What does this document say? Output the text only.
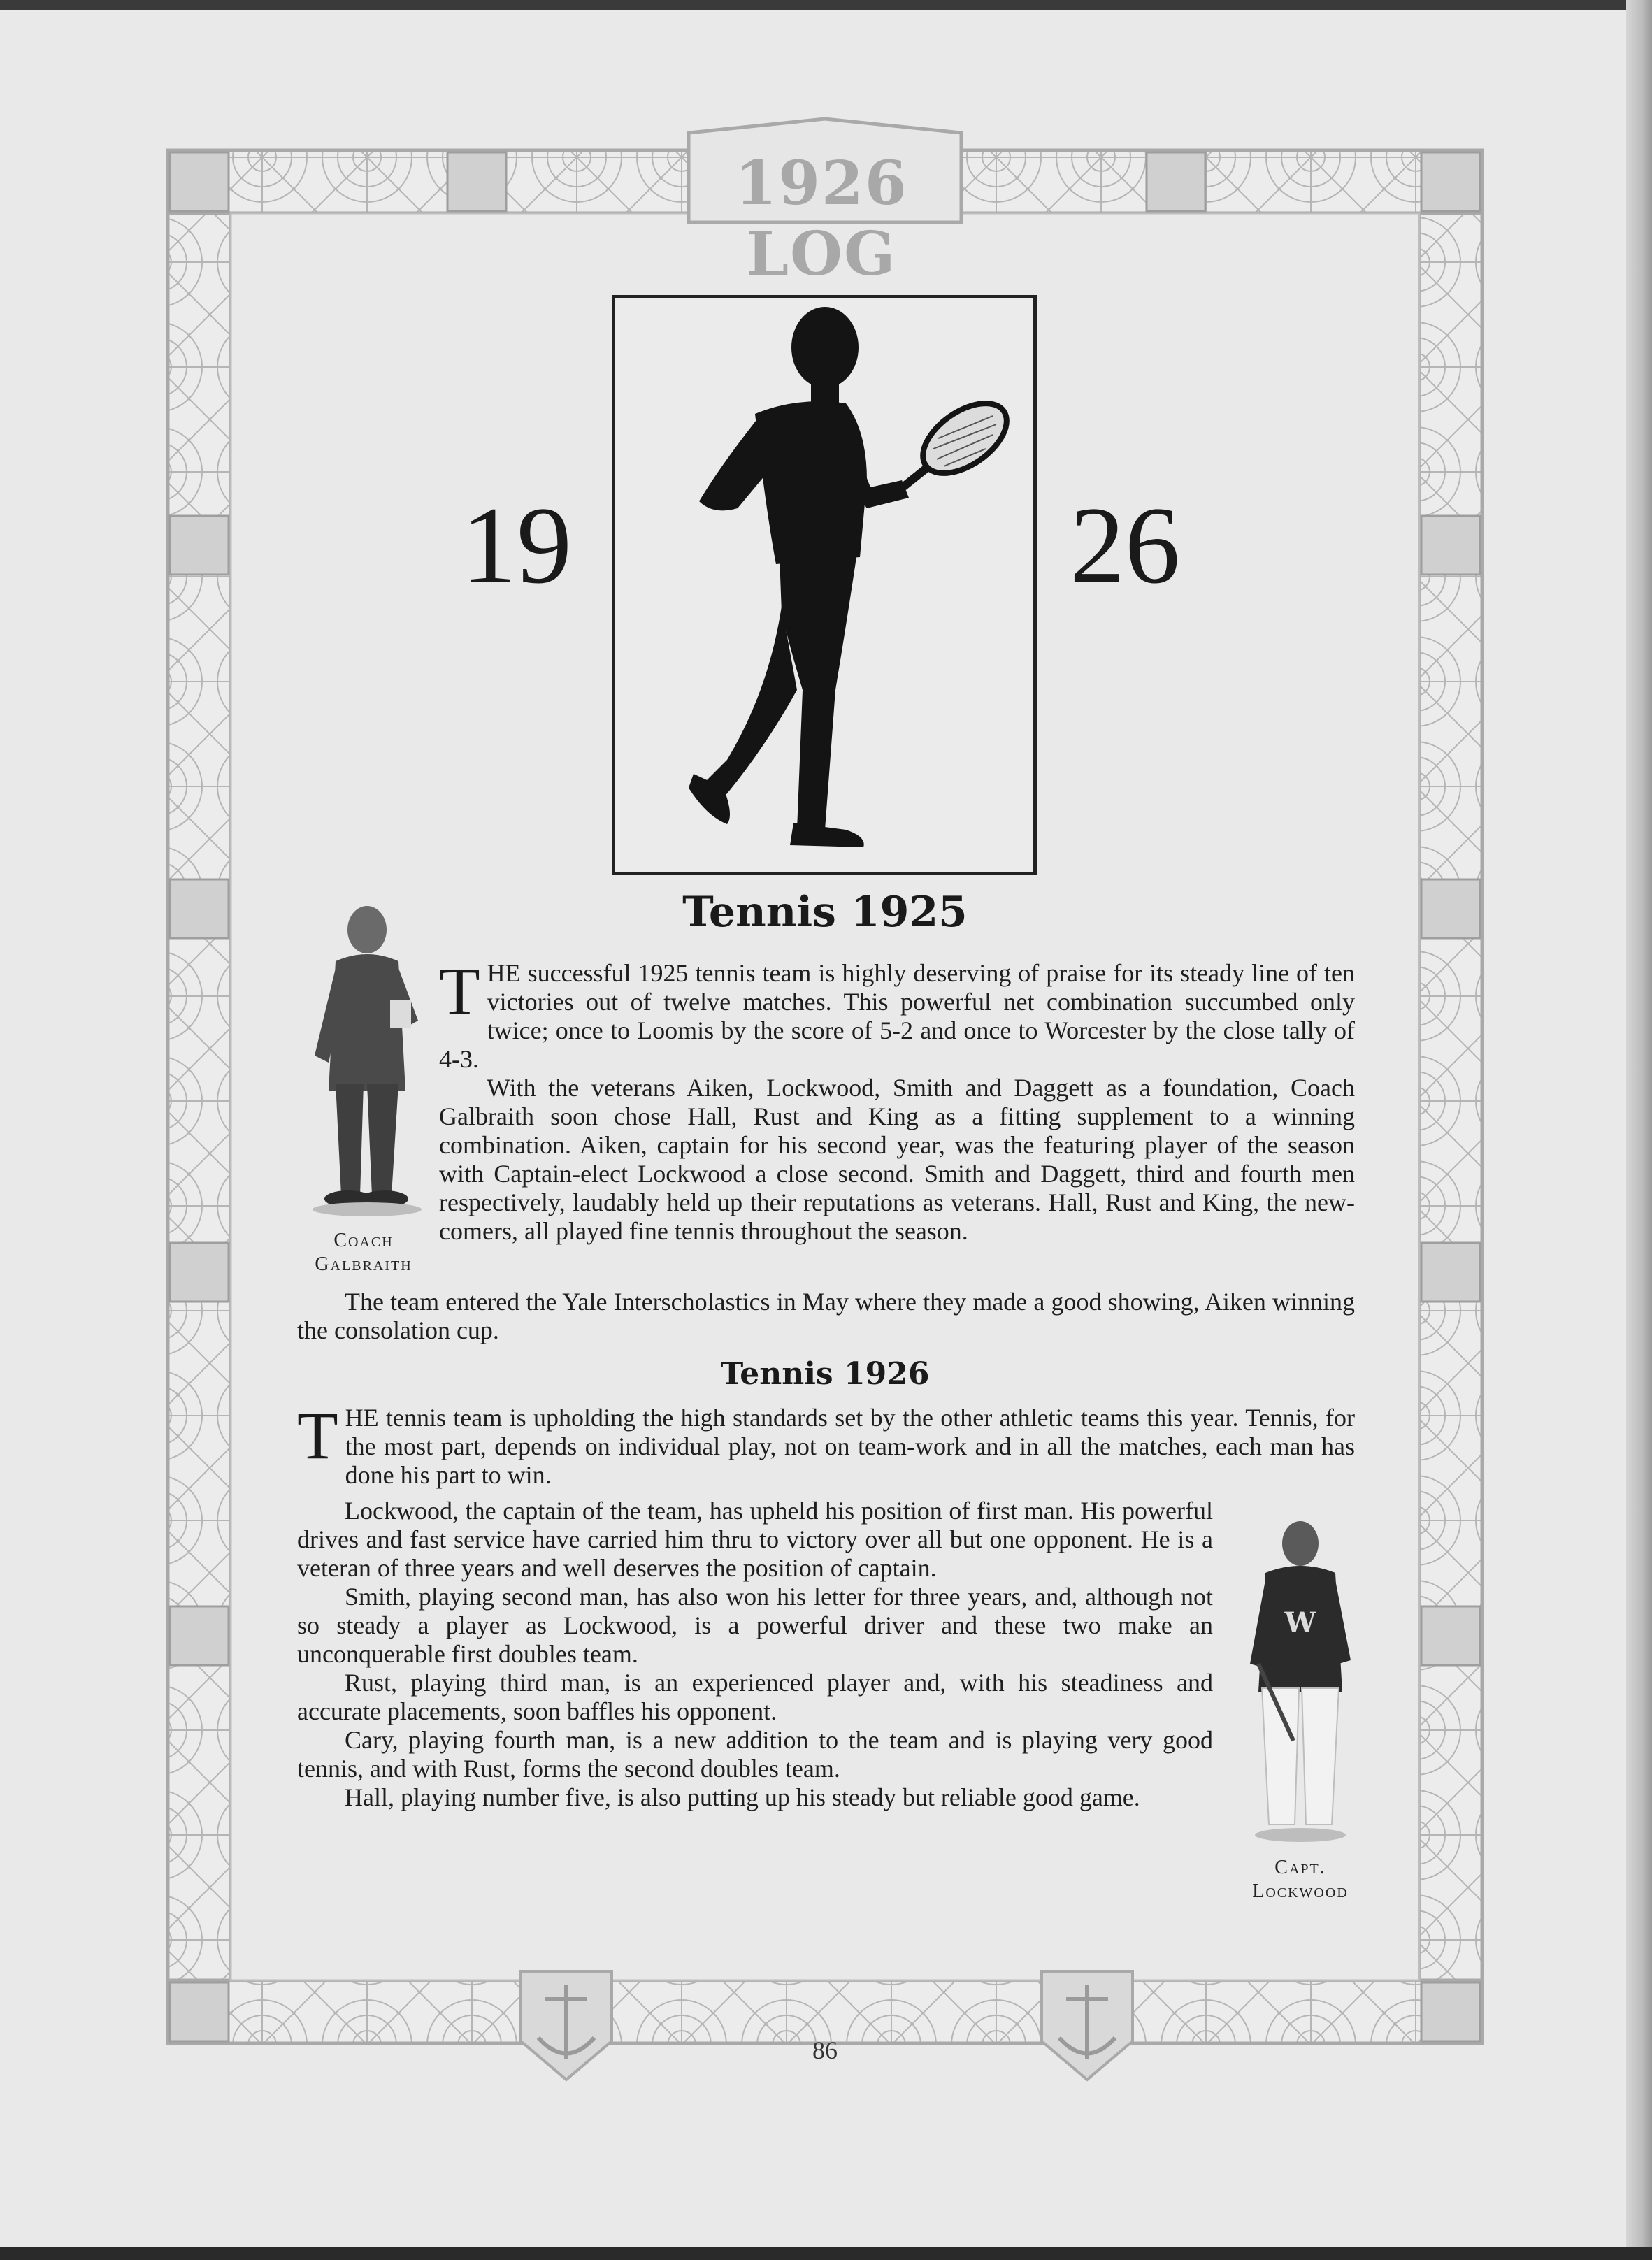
1926 LOG
19	26
Tennis 1925
Coach
Galbraith

THE successful 1925 tennis team is highly deserving of praise for its steady line of ten victories out of twelve matches. This powerful net combination succumbed only twice; once to Loomis by the score of 5-2 and once to Worcester by the close tally of 4-3.

With the veterans Aiken, Lockwood, Smith and Daggett as a foundation, Coach Galbraith soon chose Hall, Rust and King as a fitting supplement to a winning combination. Aiken, captain for his second year, was the featuring player of the season with Captain-elect Lockwood a close second. Smith and Daggett, third and fourth men respectively, laudably held up their reputations as veterans. Hall, Rust and King, the new-comers, all played fine tennis throughout the season.

The team entered the Yale Interscholastics in May where they made a good showing, Aiken winning the consolation cup.

Tennis 1926

THE tennis team is upholding the high standards set by the other athletic teams this year. Tennis, for the most part, depends on individual play, not on team-work and in all the matches, each man has done his part to win.

Lockwood, the captain of the team, has upheld his position of first man. His powerful drives and fast service have carried him thru to victory over all but one opponent. He is a veteran of three years and well deserves the position of captain.

Smith, playing second man, has also won his letter for three years, and, although not so steady a player as Lockwood, is a powerful driver and these two make an unconquerable first doubles team.

Rust, playing third man, is an experienced player and, with his steadiness and accurate placements, soon baffles his opponent.

Cary, playing fourth man, is a new addition to the team and is playing very good tennis, and with Rust, forms the second doubles team.

Hall, playing number five, is also putting up his steady but reliable good game.

W
Capt.
Lockwood
86
